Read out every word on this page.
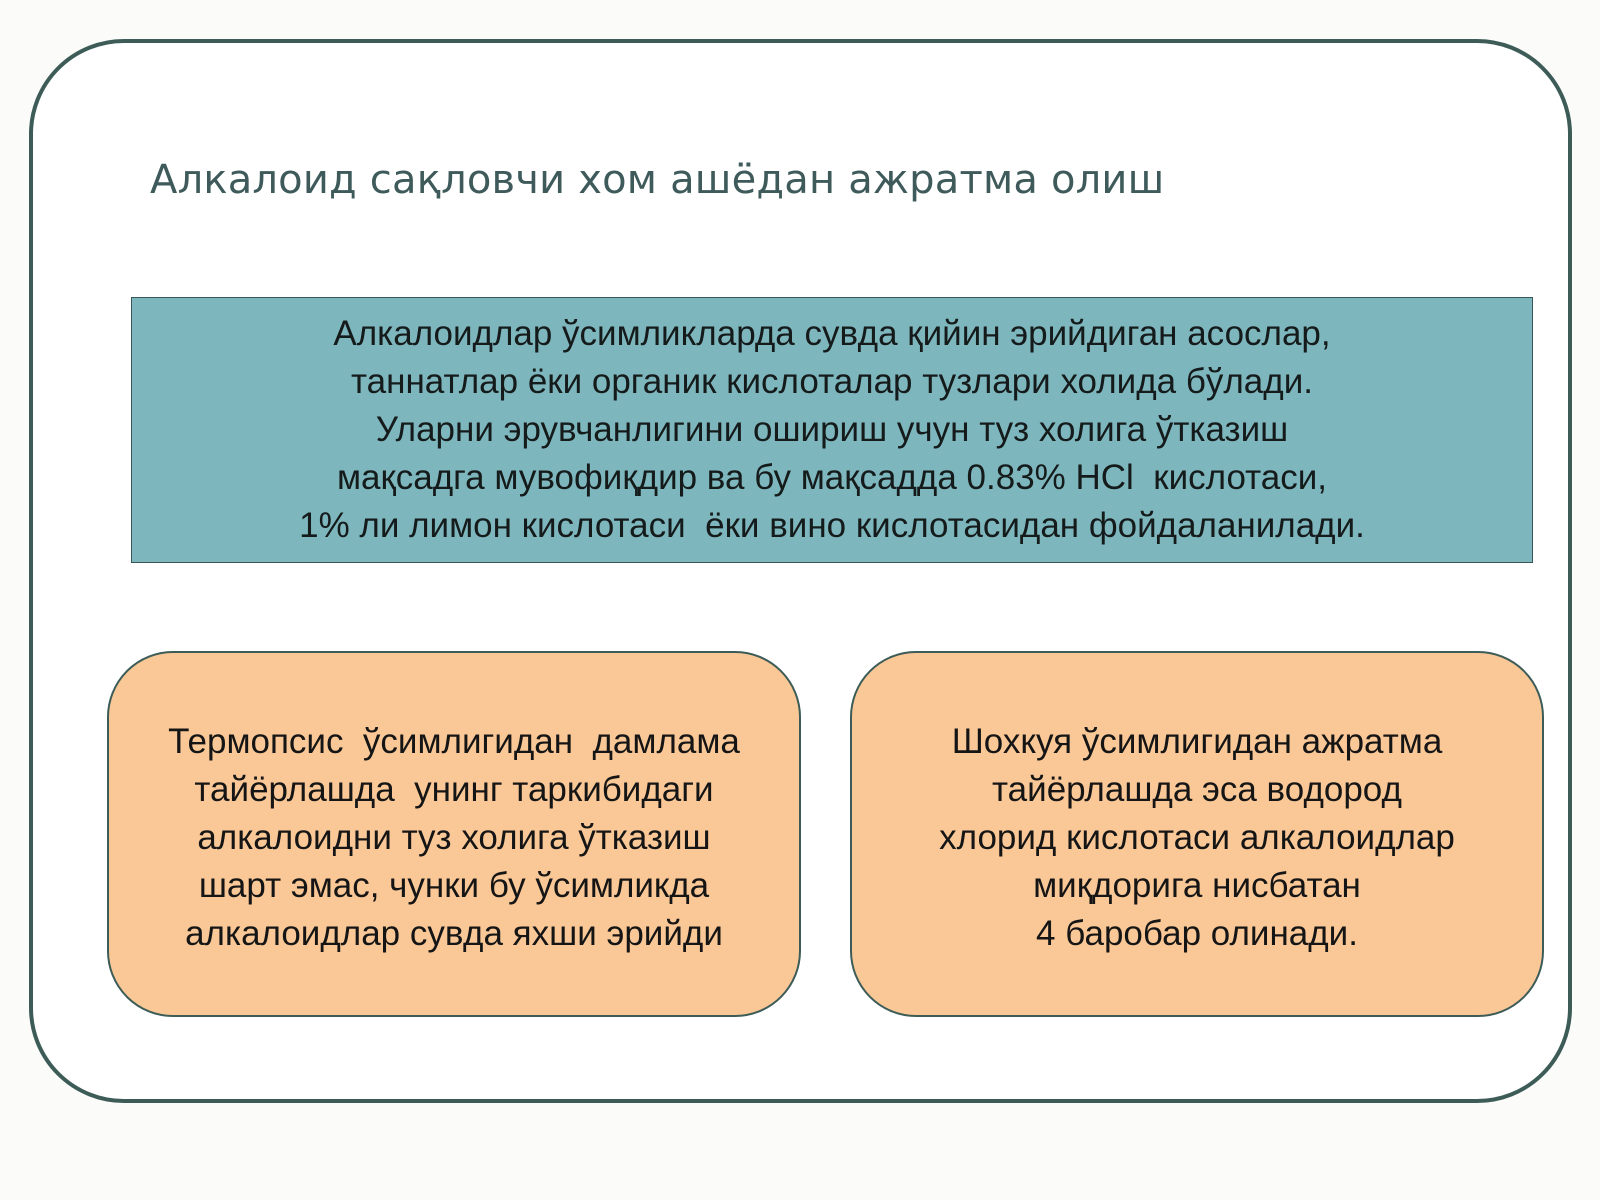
Алкалоид сақловчи хом ашёдан ажратма олиш

Алкалоидлар ўсимликларда сувда қийин эрийдиган асослар,
таннатлар ёки органик кислоталар тузлари холида бўлади.
Уларни эрувчанлигини ошириш учун туз холига ўтказиш
мақсадга мувофиқдир ва бу мақсадда 0.83% HCl  кислотаси,
1% ли лимон кислотаси  ёки вино кислотасидан фойдаланилади.

Термопсис  ўсимлигидан  дамлама
тайёрлашда  унинг таркибидаги
алкалоидни туз холига ўтказиш
шарт эмас, чунки бу ўсимликда
алкалоидлар сувда яхши эрийди

Шохкуя ўсимлигидан ажратма
тайёрлашда эса водород
хлорид кислотаси алкалоидлар
миқдорига нисбатан
4 баробар олинади.
